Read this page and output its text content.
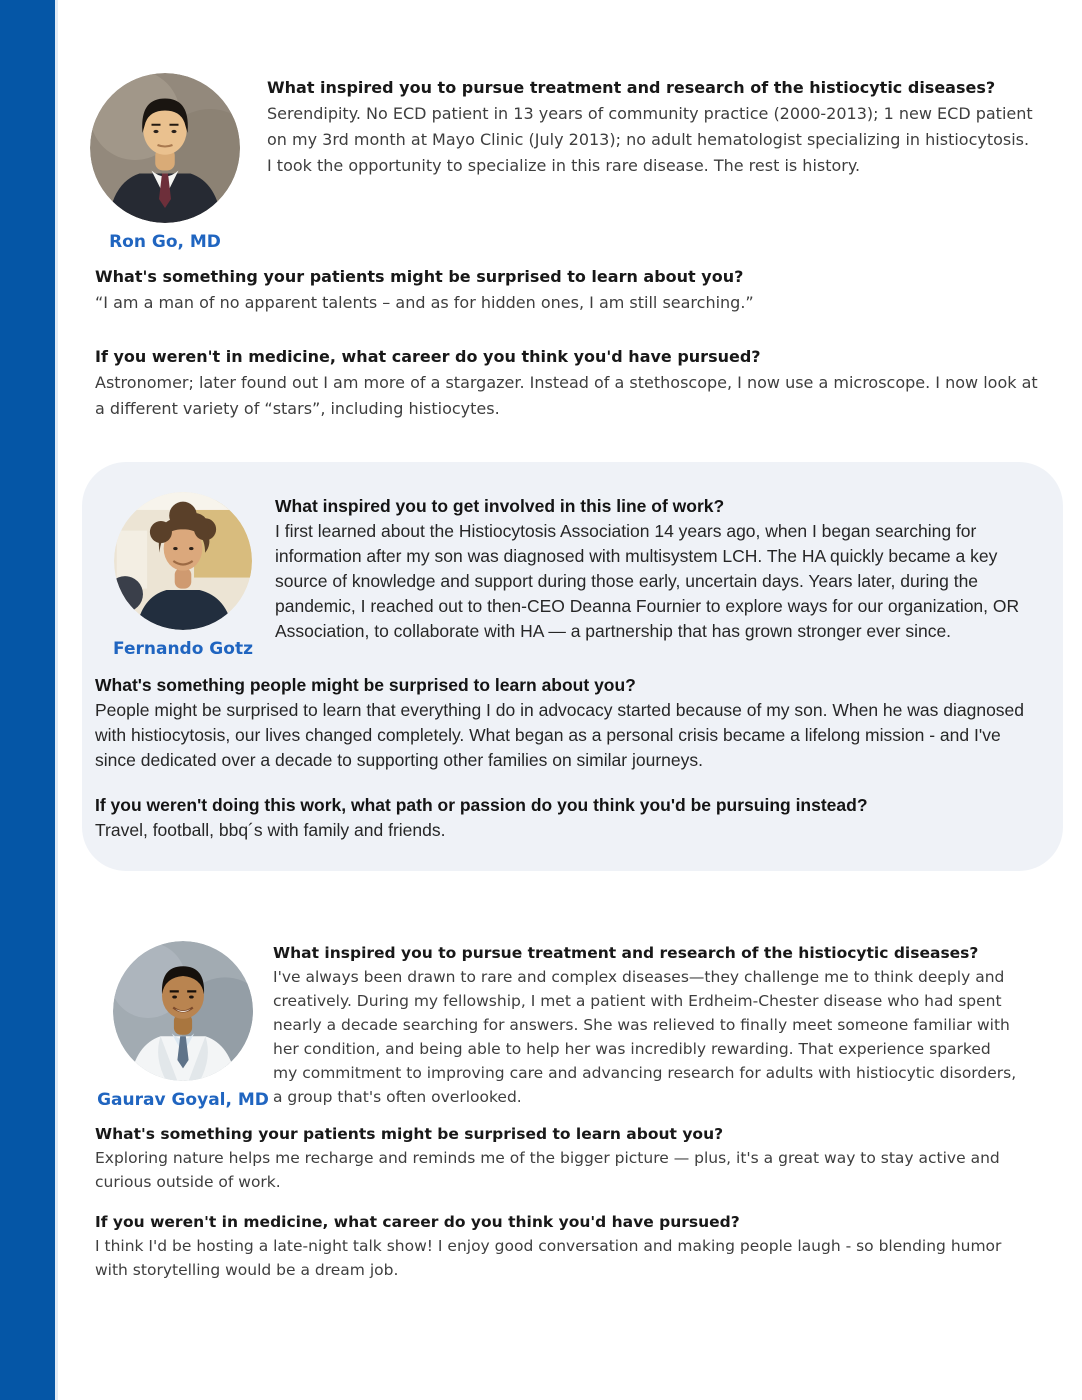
Ron Go, MD

What inspired you to pursue treatment and research of the histiocytic diseases?

Serendipity. No ECD patient in 13 years of community practice (2000-2013); 1 new ECD patient on my 3rd month at Mayo Clinic (July 2013); no adult hematologist specializing in histiocytosis. I took the opportunity to specialize in this rare disease. The rest is history.

What's something your patients might be surprised to learn about you?

“I am a man of no apparent talents – and as for hidden ones, I am still searching.”

If you weren't in medicine, what career do you think you'd have pursued?

Astronomer; later found out I am more of a stargazer. Instead of a stethoscope, I now use a microscope. I now look at a different variety of “stars”, including histiocytes.

Fernando Gotz

What inspired you to get involved in this line of work?

I first learned about the Histiocytosis Association 14 years ago, when I began searching for information after my son was diagnosed with multisystem LCH. The HA quickly became a key source of knowledge and support during those early, uncertain days. Years later, during the pandemic, I reached out to then-CEO Deanna Fournier to explore ways for our organization, OR Association, to collaborate with HA — a partnership that has grown stronger ever since.

What's something people might be surprised to learn about you?

People might be surprised to learn that everything I do in advocacy started because of my son. When he was diagnosed with histiocytosis, our lives changed completely. What began as a personal crisis became a lifelong mission - and I've since dedicated over a decade to supporting other families on similar journeys.

If you weren't doing this work, what path or passion do you think you'd be pursuing instead?

Travel, football, bbq´s with family and friends.

Gaurav Goyal, MD

What inspired you to pursue treatment and research of the histiocytic diseases?

I've always been drawn to rare and complex diseases—they challenge me to think deeply and creatively. During my fellowship, I met a patient with Erdheim-Chester disease who had spent nearly a decade searching for answers. She was relieved to finally meet someone familiar with her condition, and being able to help her was incredibly rewarding. That experience sparked my commitment to improving care and advancing research for adults with histiocytic disorders, a group that's often overlooked.

What's something your patients might be surprised to learn about you?

Exploring nature helps me recharge and reminds me of the bigger picture — plus, it's a great way to stay active and curious outside of work.

If you weren't in medicine, what career do you think you'd have pursued?

I think I'd be hosting a late-night talk show! I enjoy good conversation and making people laugh - so blending humor with storytelling would be a dream job.
